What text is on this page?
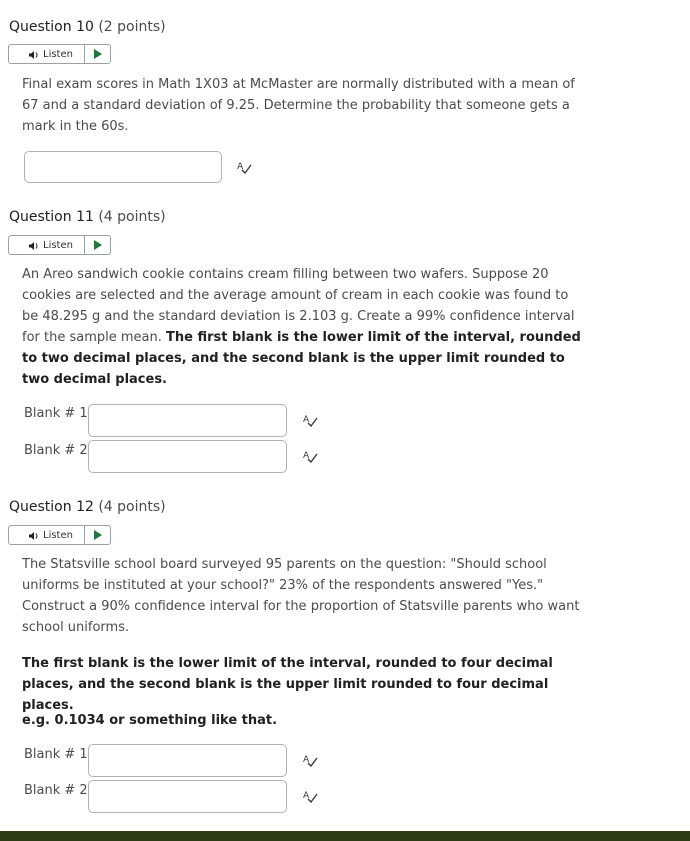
Question 10 (2 points)
Listen
Final exam scores in Math 1X03 at McMaster are normally distributed with a mean of 67 and a standard deviation of 9.25. Determine the probability that someone gets a mark in the 60s.
A
Question 11 (4 points)
Listen
An Areo sandwich cookie contains cream filling between two wafers. Suppose 20 cookies are selected and the average amount of cream in each cookie was found to be 48.295 g and the standard deviation is 2.103 g. Create a 99% confidence interval for the sample mean. The first blank is the lower limit of the interval, rounded to two decimal places, and the second blank is the upper limit rounded to two decimal places.
Blank # 1	A
Blank # 2	A
Question 12 (4 points)
Listen
The Statsville school board surveyed 95 parents on the question: "Should school uniforms be instituted at your school?" 23% of the respondents answered "Yes." Construct a 90% confidence interval for the proportion of Statsville parents who want school uniforms.
The first blank is the lower limit of the interval, rounded to four decimal places, and the second blank is the upper limit rounded to four decimal places.
e.g. 0.1034 or something like that.
Blank # 1	A
Blank # 2	A
